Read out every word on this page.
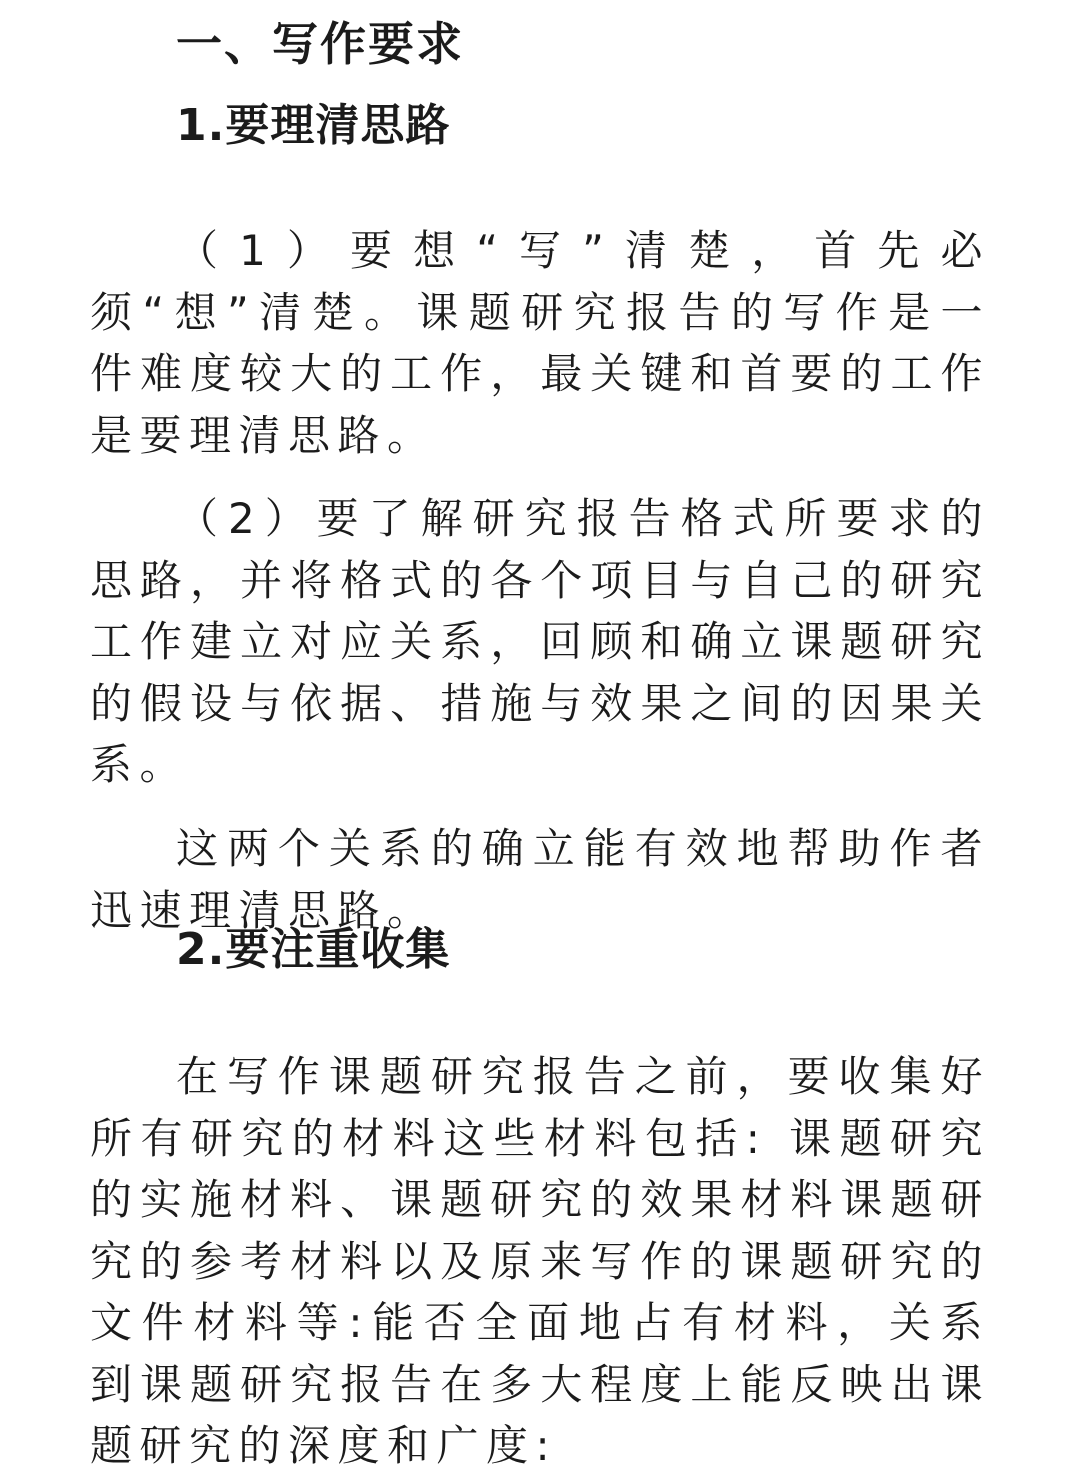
一、写作要求
1.要理清思路

（1）要想“写”清楚，首先必须“想”清楚。课题研究报告的写作是一件难度较大的工作，最关键和首要的工作是要理清思路。

（2）要了解研究报告格式所要求的思路，并将格式的各个项目与自己的研究工作建立对应关系，回顾和确立课题研究的假设与依据、措施与效果之间的因果关系。

这两个关系的确立能有效地帮助作者迅速理清思路。

2.要注重收集

在写作课题研究报告之前，要收集好所有研究的材料这些材料包括: 课题研究的实施材料、课题研究的效果材料课题研究的参考材料以及原来写作的课题研究的文件材料等:能否全面地占有材料，关系到课题研究报告在多大程度上能反映出课题研究的深度和广度:
